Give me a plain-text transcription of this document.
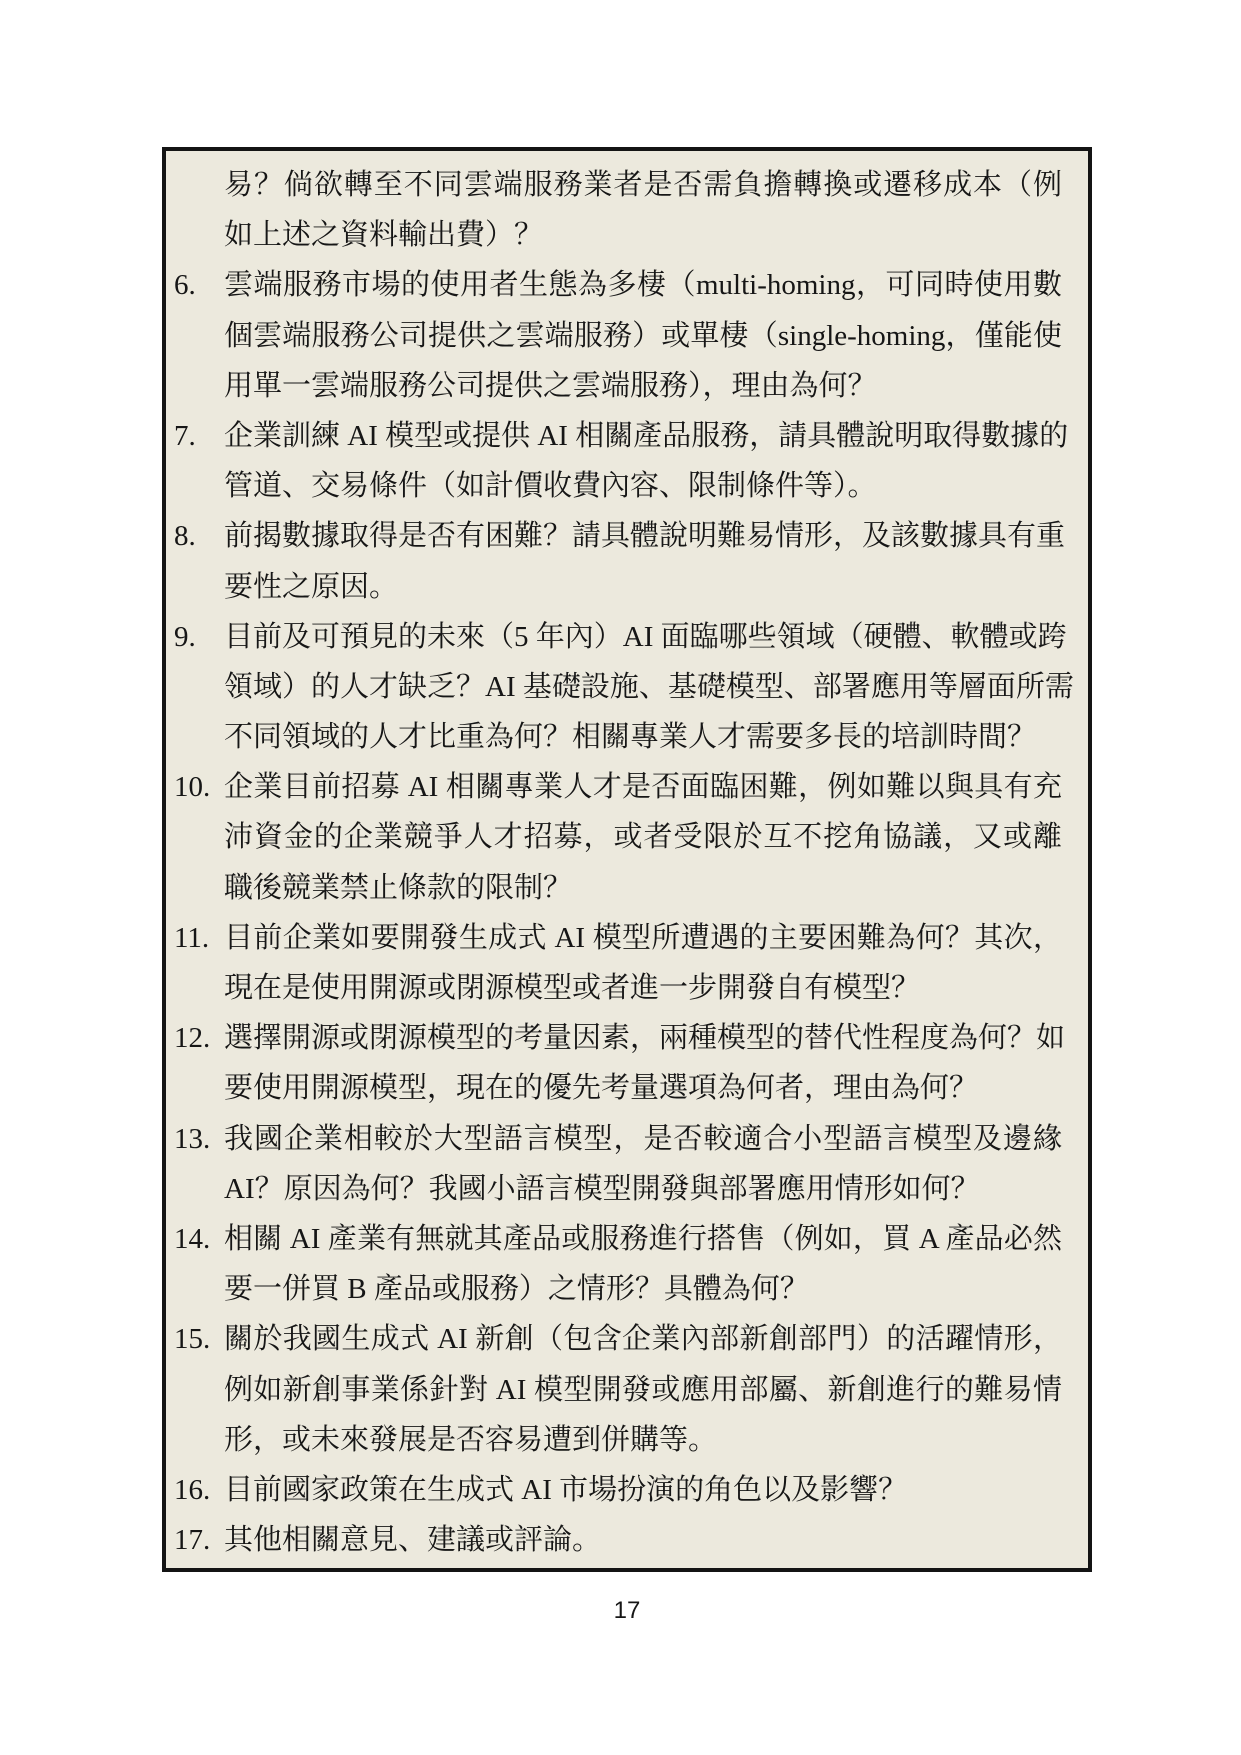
易？倘欲轉至不同雲端服務業者是否需負擔轉換或遷移成本（例
如上述之資料輸出費）？
6. 雲端服務市場的使用者生態為多棲（multi-homing，可同時使用數
個雲端服務公司提供之雲端服務）或單棲（single-homing，僅能使
用單一雲端服務公司提供之雲端服務），理由為何？
7. 企業訓練 AI 模型或提供 AI 相關產品服務，請具體說明取得數據的
管道、交易條件（如計價收費內容、限制條件等）。
8. 前揭數據取得是否有困難？請具體說明難易情形，及該數據具有重
要性之原因。
9. 目前及可預見的未來（5 年內）AI 面臨哪些領域（硬體、軟體或跨
領域）的人才缺乏？AI 基礎設施、基礎模型、部署應用等層面所需
不同領域的人才比重為何？相關專業人才需要多長的培訓時間？
10. 企業目前招募 AI 相關專業人才是否面臨困難，例如難以與具有充
沛資金的企業競爭人才招募，或者受限於互不挖角協議，又或離
職後競業禁止條款的限制？
11. 目前企業如要開發生成式 AI 模型所遭遇的主要困難為何？其次，
現在是使用開源或閉源模型或者進一步開發自有模型？
12. 選擇開源或閉源模型的考量因素，兩種模型的替代性程度為何？如
要使用開源模型，現在的優先考量選項為何者，理由為何？
13. 我國企業相較於大型語言模型，是否較適合小型語言模型及邊緣
AI？原因為何？我國小語言模型開發與部署應用情形如何？
14. 相關 AI 產業有無就其產品或服務進行搭售（例如，買 A 產品必然
要一併買 B 產品或服務）之情形？具體為何？
15. 關於我國生成式 AI 新創（包含企業內部新創部門）的活躍情形，
例如新創事業係針對 AI 模型開發或應用部屬、新創進行的難易情
形，或未來發展是否容易遭到併購等。
16. 目前國家政策在生成式 AI 市場扮演的角色以及影響？
17. 其他相關意見、建議或評論。
17
